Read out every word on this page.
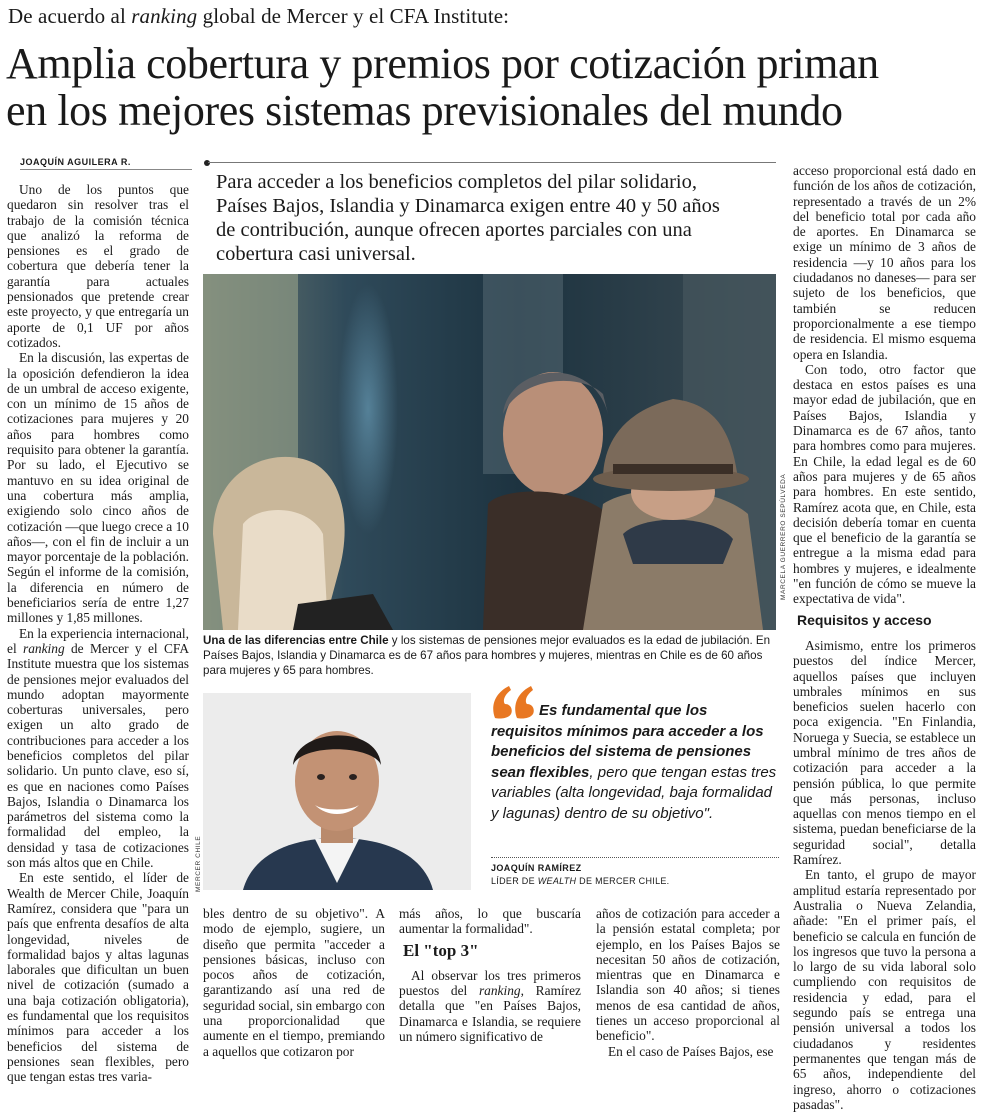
De acuerdo al ranking global de Mercer y el CFA Institute:
Amplia cobertura y premios por cotización priman
en los mejores sistemas previsionales del mundo
JOAQUÍN AGUILERA R.

Uno de los puntos que quedaron sin resolver tras el trabajo de la comisión técnica que analizó la reforma de pensiones es el grado de cobertura que debería tener la garantía para actuales pensionados que pretende crear este proyecto, y que entregaría un aporte de 0,1 UF por años cotizados.

En la discusión, las expertas de la oposición defendieron la idea de un umbral de acceso exigente, con un mínimo de 15 años de cotizaciones para mujeres y 20 años para hombres como requisito para obtener la garantía. Por su lado, el Ejecutivo se mantuvo en su idea original de una cobertura más amplia, exigiendo solo cinco años de cotización —que luego crece a 10 años—, con el fin de incluir a un mayor porcentaje de la población. Según el informe de la comisión, la diferencia en número de beneficiarios sería de entre 1,27 millones y 1,85 millones.

En la experiencia internacional, el ranking de Mercer y el CFA Institute muestra que los sistemas de pensiones mejor evaluados del mundo adoptan mayormente coberturas universales, pero exigen un alto grado de contribuciones para acceder a los beneficios completos del pilar solidario. Un punto clave, eso sí, es que en naciones como Países Bajos, Islandia o Dinamarca los parámetros del sistema como la formalidad del empleo, la densidad y tasa de cotizaciones son más altos que en Chile.

En este sentido, el líder de Wealth de Mercer Chile, Joaquín Ramírez, considera que "para un país que enfrenta desafíos de alta longevidad, niveles de formalidad bajos y altas lagunas laborales que dificultan un buen nivel de cotización (sumado a una baja cotización obligatoria), es fundamental que los requisitos mínimos para acceder a los beneficios del sistema de pensiones sean flexibles, pero que tengan estas tres varia-

Para acceder a los beneficios completos del pilar solidario, Países Bajos, Islandia y Dinamarca exigen entre 40 y 50 años de contribución, aunque ofrecen aportes parciales con una cobertura casi universal.
MARCELA GUERRERO SEPÚLVEDA
Una de las diferencias entre Chile y los sistemas de pensiones mejor evaluados es la edad de jubilación. En Países Bajos, Islandia y Dinamarca es de 67 años para hombres y mujeres, mientras en Chile es de 60 años para mujeres y 65 para hombres.
MERCER CHILE
Es fundamental que los requisitos mínimos para acceder a los beneficios del sistema de pensiones sean flexibles, pero que tengan estas tres variables (alta longevidad, baja formalidad y lagunas) dentro de su objetivo".
JOAQUÍN RAMÍREZ
LÍDER DE WEALTH DE MERCER CHILE.

bles dentro de su objetivo". A modo de ejemplo, sugiere, un diseño que permita "acceder a pensiones básicas, incluso con pocos años de cotización, garantizando así una red de seguridad social, sin embargo con una proporcionalidad que aumente en el tiempo, premiando a aquellos que cotizaron por

más años, lo que buscaría aumentar la formalidad".

El "top 3"

Al observar los tres primeros puestos del ranking, Ramírez detalla que "en Países Bajos, Dinamarca e Islandia, se requiere un número significativo de

años de cotización para acceder a la pensión estatal completa; por ejemplo, en los Países Bajos se necesitan 50 años de cotización, mientras que en Dinamarca e Islandia son 40 años; si tienes menos de esa cantidad de años, tienes un acceso proporcional al beneficio".

En el caso de Países Bajos, ese

acceso proporcional está dado en función de los años de cotización, representado a través de un 2% del beneficio total por cada año de aportes. En Dinamarca se exige un mínimo de 3 años de residencia —y 10 años para los ciudadanos no daneses— para ser sujeto de los beneficios, que también se reducen proporcionalmente a ese tiempo de residencia. El mismo esquema opera en Islandia.

Con todo, otro factor que destaca en estos países es una mayor edad de jubilación, que en Países Bajos, Islandia y Dinamarca es de 67 años, tanto para hombres como para mujeres. En Chile, la edad legal es de 60 años para mujeres y de 65 años para hombres. En este sentido, Ramírez acota que, en Chile, esta decisión debería tomar en cuenta que el beneficio de la garantía se entregue a la misma edad para hombres y mujeres, e idealmente "en función de cómo se mueve la expectativa de vida".

Requisitos y acceso

Asimismo, entre los primeros puestos del índice Mercer, aquellos países que incluyen umbrales mínimos en sus beneficios suelen hacerlo con poca exigencia. "En Finlandia, Noruega y Suecia, se establece un umbral mínimo de tres años de cotización para acceder a la pensión pública, lo que permite que más personas, incluso aquellas con menos tiempo en el sistema, puedan beneficiarse de la seguridad social", detalla Ramírez.

En tanto, el grupo de mayor amplitud estaría representado por Australia o Nueva Zelandia, añade: "En el primer país, el beneficio se calcula en función de los ingresos que tuvo la persona a lo largo de su vida laboral solo cumpliendo con requisitos de residencia y edad, para el segundo país se entrega una pensión universal a todos los ciudadanos y residentes permanentes que tengan más de 65 años, independiente del ingreso, ahorro o cotizaciones pasadas".
